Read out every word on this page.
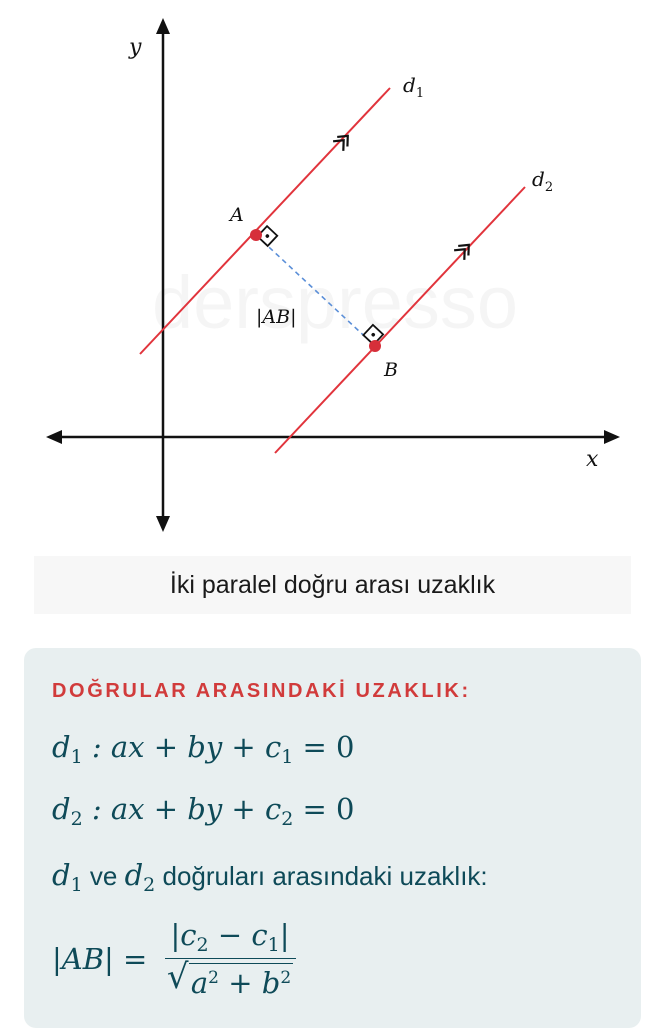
y
x
A
B
|AB|
$d_1$
$d_2$
İki paralel doğru arası uzaklık
DOĞRULAR ARASINDAKİ UZAKLIK:
$d_1$ : ax + by + $c_1 = 0$
$d_2$ : ax + by + $c_2 = 0$
$d_1$ ve $d_2$ doğruları arasındaki uzaklık:
$|AB| = \frac{|c_2 - c_1|}{√ a^2 + b^2}$
